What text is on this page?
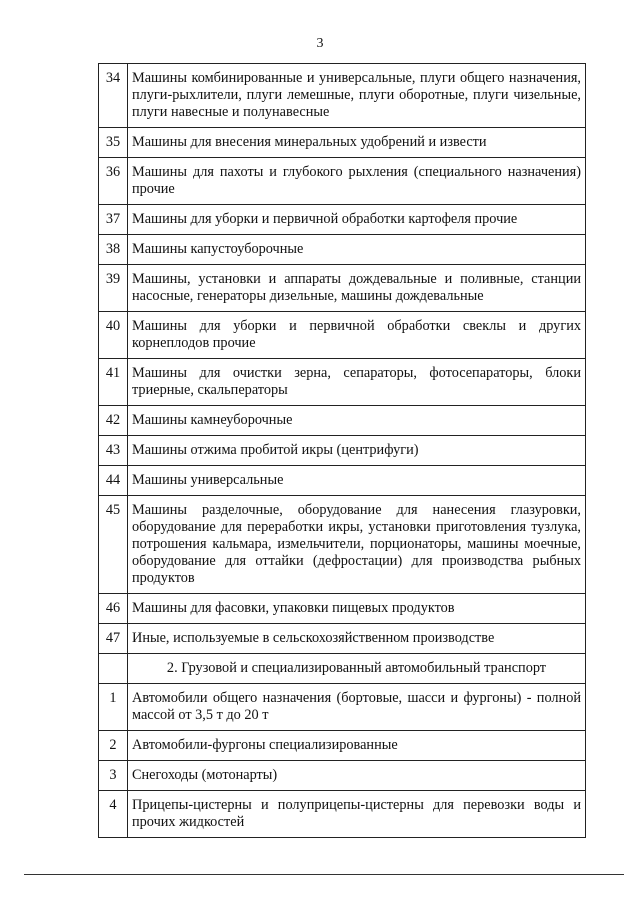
3
34	Машины комбинированные и универсальные, плуги общего назначения, плуги-рыхлители, плуги лемешные, плуги оборотные, плуги чизельные, плуги навесные и полунавесные
35	Машины для внесения минеральных удобрений и извести
36	Машины для пахоты и глубокого рыхления (специального назначения) прочие
37	Машины для уборки и первичной обработки картофеля прочие
38	Машины капустоуборочные
39	Машины, установки и аппараты дождевальные и поливные, станции насосные, генераторы дизельные, машины дождевальные
40	Машины для уборки и первичной обработки свеклы и других корнеплодов прочие
41	Машины для очистки зерна, сепараторы, фотосепараторы, блоки триерные, скальператоры
42	Машины камнеуборочные
43	Машины отжима пробитой икры (центрифуги)
44	Машины универсальные
45	Машины разделочные, оборудование для нанесения глазуровки, оборудование для переработки икры, установки приготовления тузлука, потрошения кальмара, измельчители, порционаторы, машины моечные, оборудование для оттайки (дефростации) для производства рыбных продуктов
46	Машины для фасовки, упаковки пищевых продуктов
47	Иные, используемые в сельскохозяйственном производстве
	2. Грузовой и специализированный автомобильный транспорт
1	Автомобили общего назначения (бортовые, шасси и фургоны) - полной массой от 3,5 т до 20 т
2	Автомобили-фургоны специализированные
3	Снегоходы (мотонарты)
4	Прицепы-цистерны и полуприцепы-цистерны для перевозки воды и прочих жидкостей
